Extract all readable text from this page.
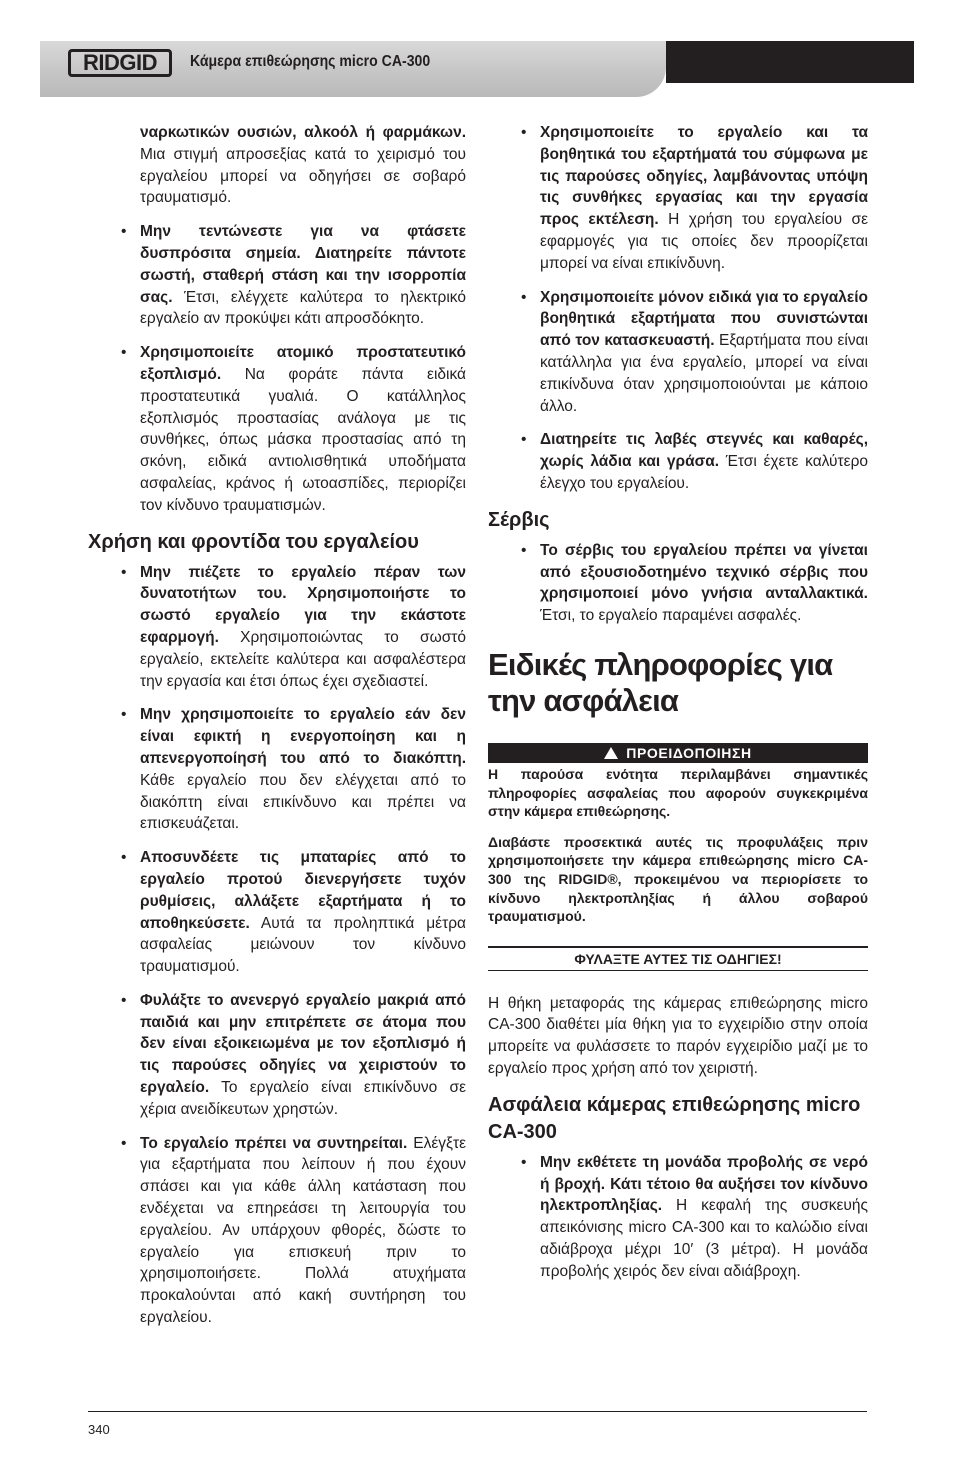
RIDGID	Κάμερα επιθεώρησης micro CA-300
ναρκωτικών ουσιών, αλκοόλ ή φαρμάκων. Μια στιγμή απροσεξίας κατά το χειρισμό του εργαλείου μπορεί να οδηγήσει σε σοβαρό τραυματισμό.
• Μην τεντώνεστε για να φτάσετε δυσπρόσιτα σημεία. Διατηρείτε πάντοτε σωστή, σταθερή στάση και την ισορροπία σας. Έτσι, ελέγχετε καλύτερα το ηλεκτρικό εργαλείο αν προκύψει κάτι απροσδόκητο.
• Χρησιμοποιείτε ατομικό προστατευτικό εξοπλισμό. Να φοράτε πάντα ειδικά προστατευτικά γυαλιά. Ο κατάλληλος εξοπλισμός προστασίας ανάλογα με τις συνθήκες, όπως μάσκα προστασίας από τη σκόνη, ειδικά αντιολισθητικά υποδήματα ασφαλείας, κράνος ή ωτοασπίδες, περιορίζει τον κίνδυνο τραυματισμών.
Χρήση και φροντίδα του εργαλείου
• Μην πιέζετε το εργαλείο πέραν των δυνατοτήτων του. Χρησιμοποιήστε το σωστό εργαλείο για την εκάστοτε εφαρμογή. Χρησιμοποιώντας το σωστό εργαλείο, εκτελείτε καλύτερα και ασφαλέστερα την εργασία και έτσι όπως έχει σχεδιαστεί.
• Μην χρησιμοποιείτε το εργαλείο εάν δεν είναι εφικτή η ενεργοποίηση και η απενεργοποίησή του από το διακόπτη. Κάθε εργαλείο που δεν ελέγχεται από το διακόπτη είναι επικίνδυνο και πρέπει να επισκευάζεται.
• Αποσυνδέετε τις μπαταρίες από το εργαλείο προτού διενεργήσετε τυχόν ρυθμίσεις, αλλάξετε εξαρτήματα ή το αποθηκεύσετε. Αυτά τα προληπτικά μέτρα ασφαλείας μειώνουν τον κίνδυνο τραυματισμού.
• Φυλάξτε το ανενεργό εργαλείο μακριά από παιδιά και μην επιτρέπετε σε άτομα που δεν είναι εξοικειωμένα με τον εξοπλισμό ή τις παρούσες οδηγίες να χειριστούν το εργαλείο. Το εργαλείο είναι επικίνδυνο σε χέρια ανειδίκευτων χρηστών.
• Το εργαλείο πρέπει να συντηρείται. Ελέγξτε για εξαρτήματα που λείπουν ή που έχουν σπάσει και για κάθε άλλη κατάσταση που ενδέχεται να επηρεάσει τη λειτουργία του εργαλείου. Αν υπάρχουν φθορές, δώστε το εργαλείο για επισκευή πριν το χρησιμοποιήσετε. Πολλά ατυχήματα προκαλούνται από κακή συντήρηση του εργαλείου.
• Χρησιμοποιείτε το εργαλείο και τα βοηθητικά του εξαρτήματά του σύμφωνα με τις παρούσες οδηγίες, λαμβάνοντας υπόψη τις συνθήκες εργασίας και την εργασία προς εκτέλεση. Η χρήση του εργαλείου σε εφαρμογές για τις οποίες δεν προορίζεται μπορεί να είναι επικίνδυνη.
• Χρησιμοποιείτε μόνον ειδικά για το εργαλείο βοηθητικά εξαρτήματα που συνιστώνται από τον κατασκευαστή. Εξαρτήματα που είναι κατάλληλα για ένα εργαλείο, μπορεί να είναι επικίνδυνα όταν χρησιμοποιούνται με κάποιο άλλο.
• Διατηρείτε τις λαβές στεγνές και καθαρές, χωρίς λάδια και γράσα. Έτσι έχετε καλύτερο έλεγχο του εργαλείου.
Σέρβις
• Το σέρβις του εργαλείου πρέπει να γίνεται από εξουσιοδοτημένο τεχνικό σέρβις που χρησιμοποιεί μόνο γνήσια ανταλλακτικά. Έτσι, το εργαλείο παραμένει ασφαλές.
Ειδικές πληροφορίες για την ασφάλεια
ΠΡΟΕΙΔΟΠΟΙΗΣΗ
Η παρούσα ενότητα περιλαμβάνει σημαντικές πληροφορίες ασφαλείας που αφορούν συγκεκριμένα στην κάμερα επιθεώρησης.
Διαβάστε προσεκτικά αυτές τις προφυλάξεις πριν χρησιμοποιήσετε την κάμερα επιθεώρησης micro CA-300 της RIDGID®, προκειμένου να περιορίσετε το κίνδυνο ηλεκτροπληξίας ή άλλου σοβαρού τραυματισμού.
ΦΥΛΑΞΤΕ ΑΥΤΕΣ ΤΙΣ ΟΔΗΓΙΕΣ!
Η θήκη μεταφοράς της κάμερας επιθεώρησης micro CA-300 διαθέτει μία θήκη για το εγχειρίδιο στην οποία μπορείτε να φυλάσσετε το παρόν εγχειρίδιο μαζί με το εργαλείο προς χρήση από τον χειριστή.
Ασφάλεια κάμερας επιθεώρησης micro CA-300
• Μην εκθέτετε τη μονάδα προβολής σε νερό ή βροχή. Κάτι τέτοιο θα αυξήσει τον κίνδυνο ηλεκτροπληξίας. Η κεφαλή της συσκευής απεικόνισης micro CA-300 και το καλώδιο είναι αδιάβροχα μέχρι 10′ (3 μέτρα). Η μονάδα προβολής χειρός δεν είναι αδιάβροχη.
340
